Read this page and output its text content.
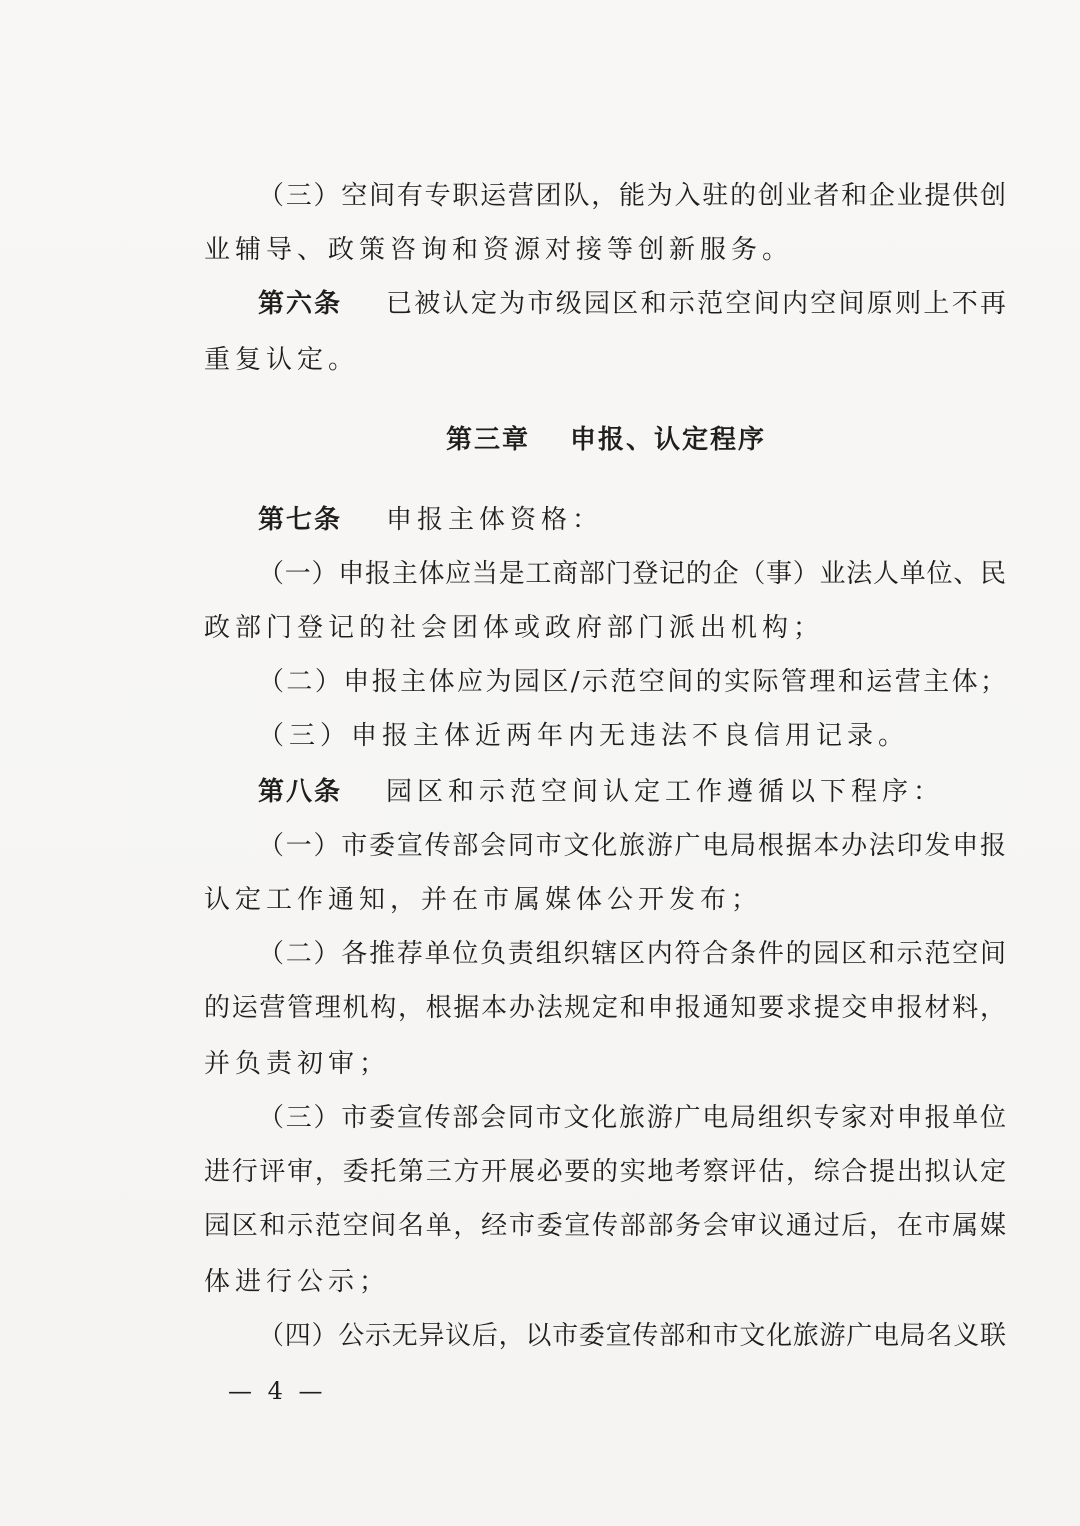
（三）空间有专职运营团队，能为入驻的创业者和企业提供创
业辅导、政策咨询和资源对接等创新服务。
第六条 已被认定为市级园区和示范空间内空间原则上不再
重复认定。
第三章 申报、认定程序
第七条 申报主体资格：
（一）申报主体应当是工商部门登记的企（事）业法人单位、民
政部门登记的社会团体或政府部门派出机构；
（二）申报主体应为园区/示范空间的实际管理和运营主体；
（三）申报主体近两年内无违法不良信用记录。
第八条 园区和示范空间认定工作遵循以下程序：
（一）市委宣传部会同市文化旅游广电局根据本办法印发申报
认定工作通知，并在市属媒体公开发布；
（二）各推荐单位负责组织辖区内符合条件的园区和示范空间
的运营管理机构，根据本办法规定和申报通知要求提交申报材料，
并负责初审；
（三）市委宣传部会同市文化旅游广电局组织专家对申报单位
进行评审，委托第三方开展必要的实地考察评估，综合提出拟认定
园区和示范空间名单，经市委宣传部部务会审议通过后，在市属媒
体进行公示；
（四）公示无异议后，以市委宣传部和市文化旅游广电局名义联
— 4 —
